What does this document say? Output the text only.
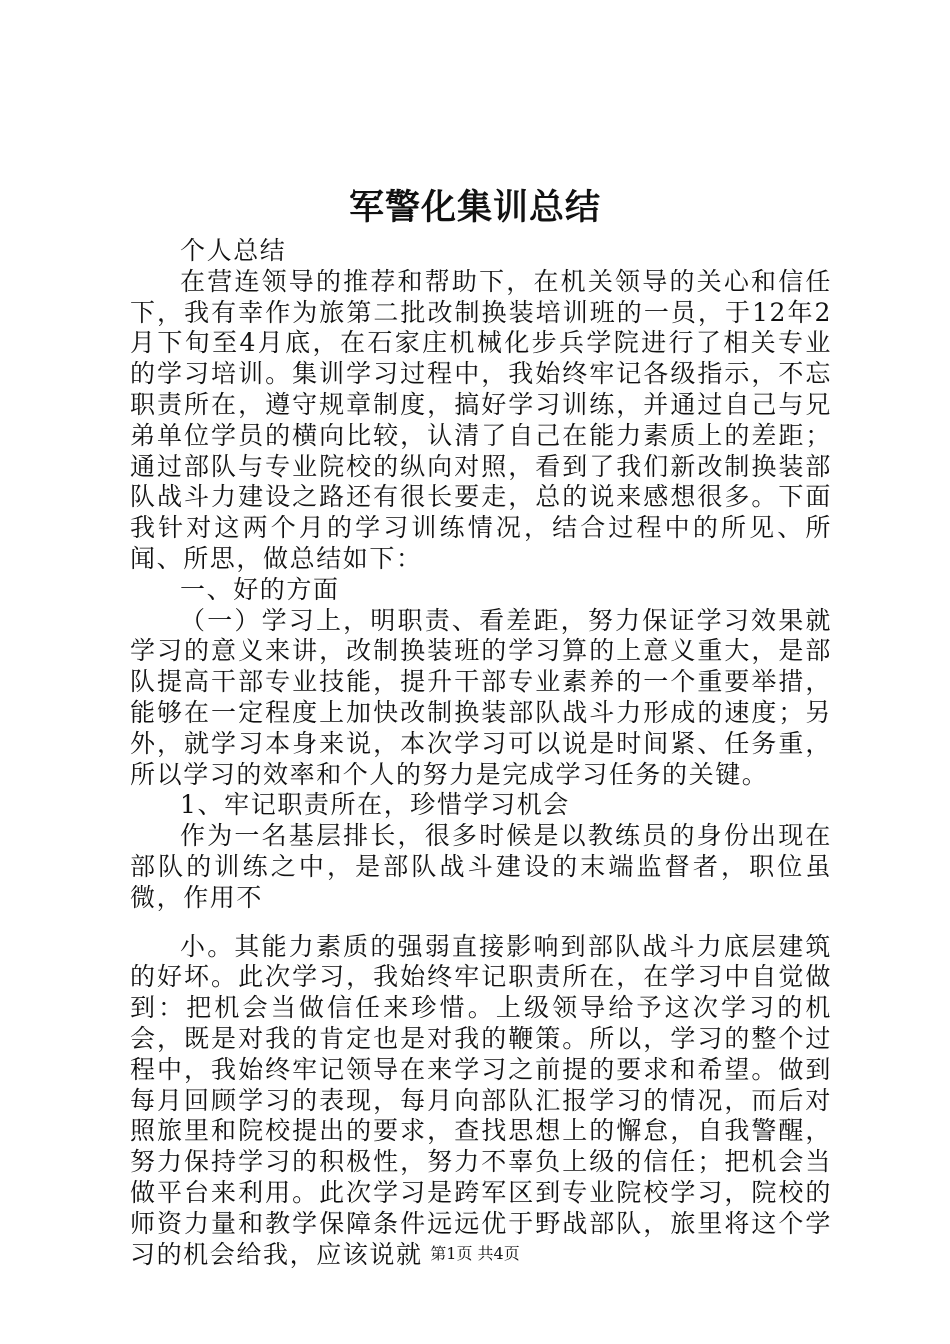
军警化集训总结

个人总结

在营连领导的推荐和帮助下，在机关领导的关心和信任下，我有幸作为旅第二批改制换装培训班的一员，于12年2月下旬至4月底，在石家庄机械化步兵学院进行了相关专业的学习培训。集训学习过程中，我始终牢记各级指示，不忘职责所在，遵守规章制度，搞好学习训练，并通过自己与兄弟单位学员的横向比较，认清了自己在能力素质上的差距；通过部队与专业院校的纵向对照，看到了我们新改制换装部队战斗力建设之路还有很长要走，总的说来感想很多。下面我针对这两个月的学习训练情况，结合过程中的所见、所闻、所思，做总结如下：

一、好的方面

（一）学习上，明职责、看差距，努力保证学习效果就学习的意义来讲，改制换装班的学习算的上意义重大，是部队提高干部专业技能，提升干部专业素养的一个重要举措，能够在一定程度上加快改制换装部队战斗力形成的速度；另外，就学习本身来说，本次学习可以说是时间紧、任务重，所以学习的效率和个人的努力是完成学习任务的关键。

1、牢记职责所在，珍惜学习机会

作为一名基层排长，很多时候是以教练员的身份出现在部队的训练之中，是部队战斗建设的末端监督者，职位虽微，作用不

小。其能力素质的强弱直接影响到部队战斗力底层建筑的好坏。此次学习，我始终牢记职责所在，在学习中自觉做到：把机会当做信任来珍惜。上级领导给予这次学习的机会，既是对我的肯定也是对我的鞭策。所以，学习的整个过程中，我始终牢记领导在来学习之前提的要求和希望。做到每月回顾学习的表现，每月向部队汇报学习的情况，而后对照旅里和院校提出的要求，查找思想上的懈怠，自我警醒，努力保持学习的积极性，努力不辜负上级的信任；把机会当做平台来利用。此次学习是跨军区到专业院校学习，院校的师资力量和教学保障条件远远优于野战部队，旅里将这个学习的机会给我，应该说就 第1页 共4页
